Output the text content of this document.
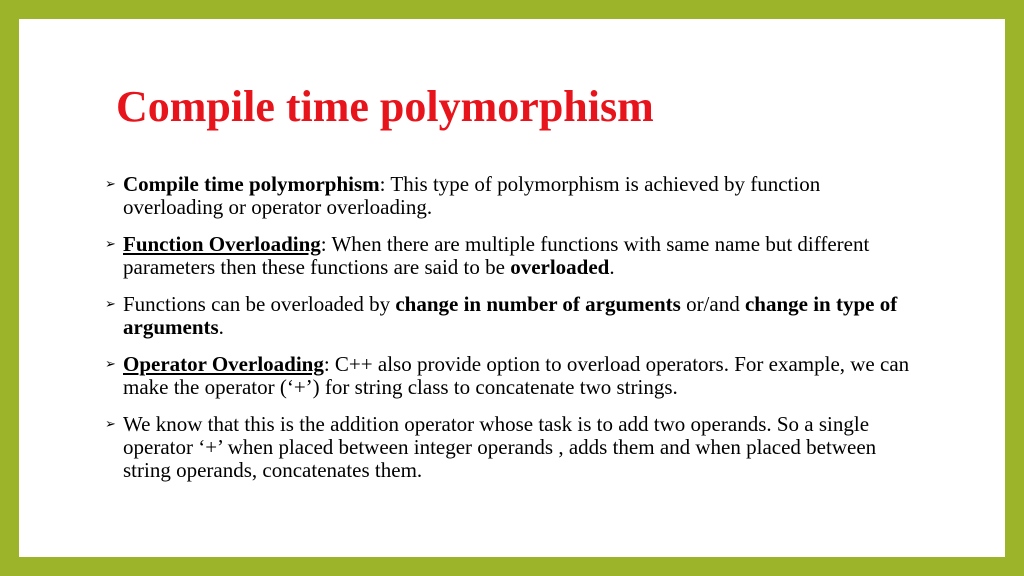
Compile time polymorphism
➢ Compile time polymorphism: This type of polymorphism is achieved by function overloading or operator overloading.
➢ Function Overloading: When there are multiple functions with same name but different parameters then these functions are said to be overloaded.
➢ Functions can be overloaded by change in number of arguments or/and change in type of arguments.
➢ Operator Overloading: C++ also provide option to overload operators. For example, we can make the operator (‘+’) for string class to concatenate two strings.
➢ We know that this is the addition operator whose task is to add two operands. So a single operator ‘+’ when placed between integer operands , adds them and when placed between string operands, concatenates them.
